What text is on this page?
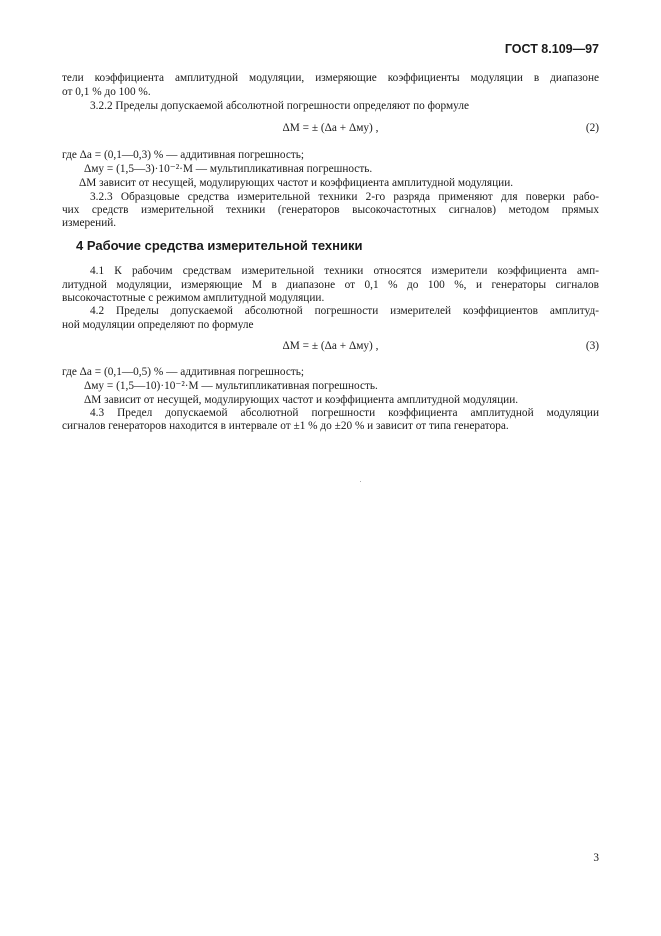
ГОСТ 8.109—97
тели коэффициента амплитудной модуляции, измеряющие коэффициенты модуляции в диапазоне
от 0,1 % до 100 %.
3.2.2 Пределы допускаемой абсолютной погрешности определяют по формуле
ΔM = ± (Δa + Δму) ,	(2)
где Δa = (0,1—0,3) % — аддитивная погрешность;
Δму = (1,5—3)·10⁻²·M — мультипликативная погрешность.
ΔM зависит от несущей, модулирующих частот и коэффициента амплитудной модуляции.
3.2.3 Образцовые средства измерительной техники 2-го разряда применяют для поверки рабо-
чих средств измерительной техники (генераторов высокочастотных сигналов) методом прямых
измерений.
4 Рабочие средства измерительной техники
4.1 К рабочим средствам измерительной техники относятся измерители коэффициента амп-
литудной модуляции, измеряющие M в диапазоне от 0,1 % до 100 %, и генераторы сигналов
высокочастотные с режимом амплитудной модуляции.
4.2 Пределы допускаемой абсолютной погрешности измерителей коэффициентов амплитуд-
ной модуляции определяют по формуле
ΔM = ± (Δa + Δму) ,	(3)
где Δa = (0,1—0,5) % — аддитивная погрешность;
Δму = (1,5—10)·10⁻²·M — мультипликативная погрешность.
ΔM зависит от несущей, модулирующих частот и коэффициента амплитудной модуляции.
4.3 Предел допускаемой абсолютной погрешности коэффициента амплитудной модуляции
сигналов генераторов находится в интервале от ±1 % до ±20 % и зависит от типа генератора.
3
